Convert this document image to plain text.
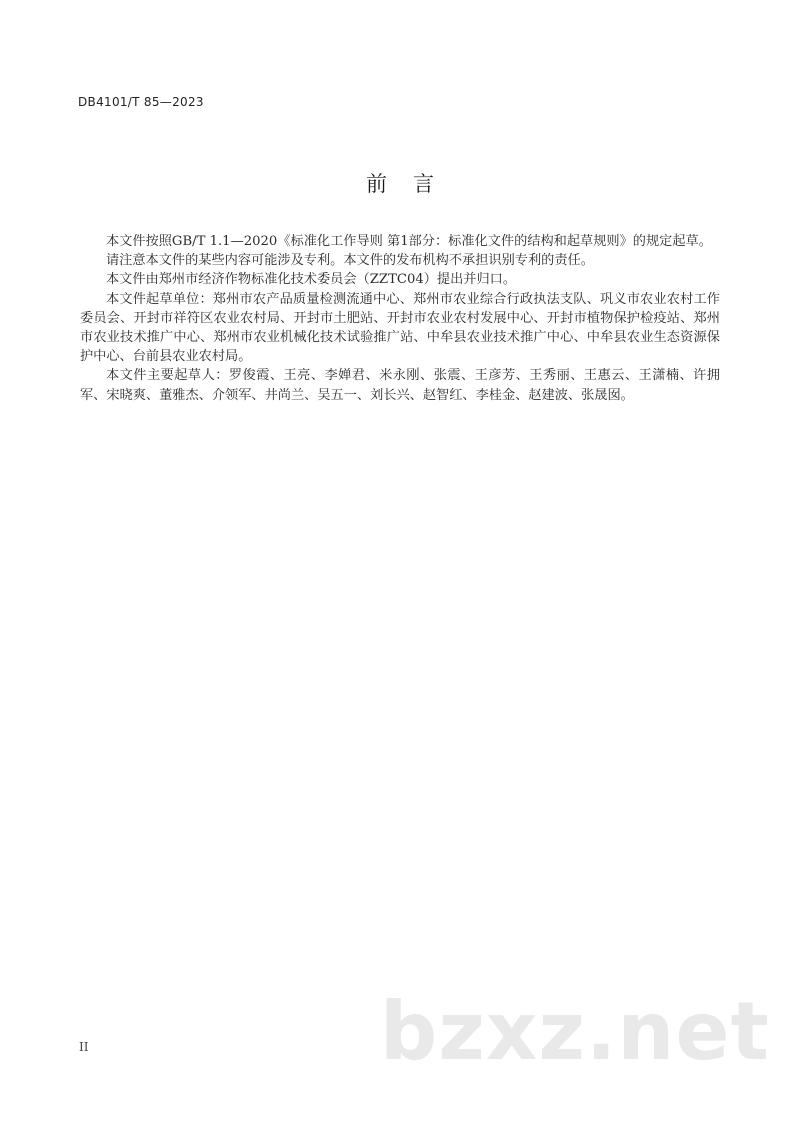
DB4101/T 85—2023
前言

本文件按照GB/T 1.1—2020《标准化工作导则 第1部分：标准化文件的结构和起草规则》的规定起草。

请注意本文件的某些内容可能涉及专利。本文件的发布机构不承担识别专利的责任。

本文件由郑州市经济作物标准化技术委员会（ZZTC04）提出并归口。

本文件起草单位：郑州市农产品质量检测流通中心、郑州市农业综合行政执法支队、巩义市农业农村工作委员会、开封市祥符区农业农村局、开封市土肥站、开封市农业农村发展中心、开封市植物保护检疫站、郑州市农业技术推广中心、郑州市农业机械化技术试验推广站、中牟县农业技术推广中心、中牟县农业生态资源保护中心、台前县农业农村局。

本文件主要起草人：罗俊霞、王亮、李婵君、米永刚、张震、王彦芳、王秀丽、王惠云、王潇楠、许拥军、宋晓爽、董雅杰、介领军、井尚兰、吴五一、刘长兴、赵智红、李桂金、赵建波、张晟囡。

bzxz.net
II
